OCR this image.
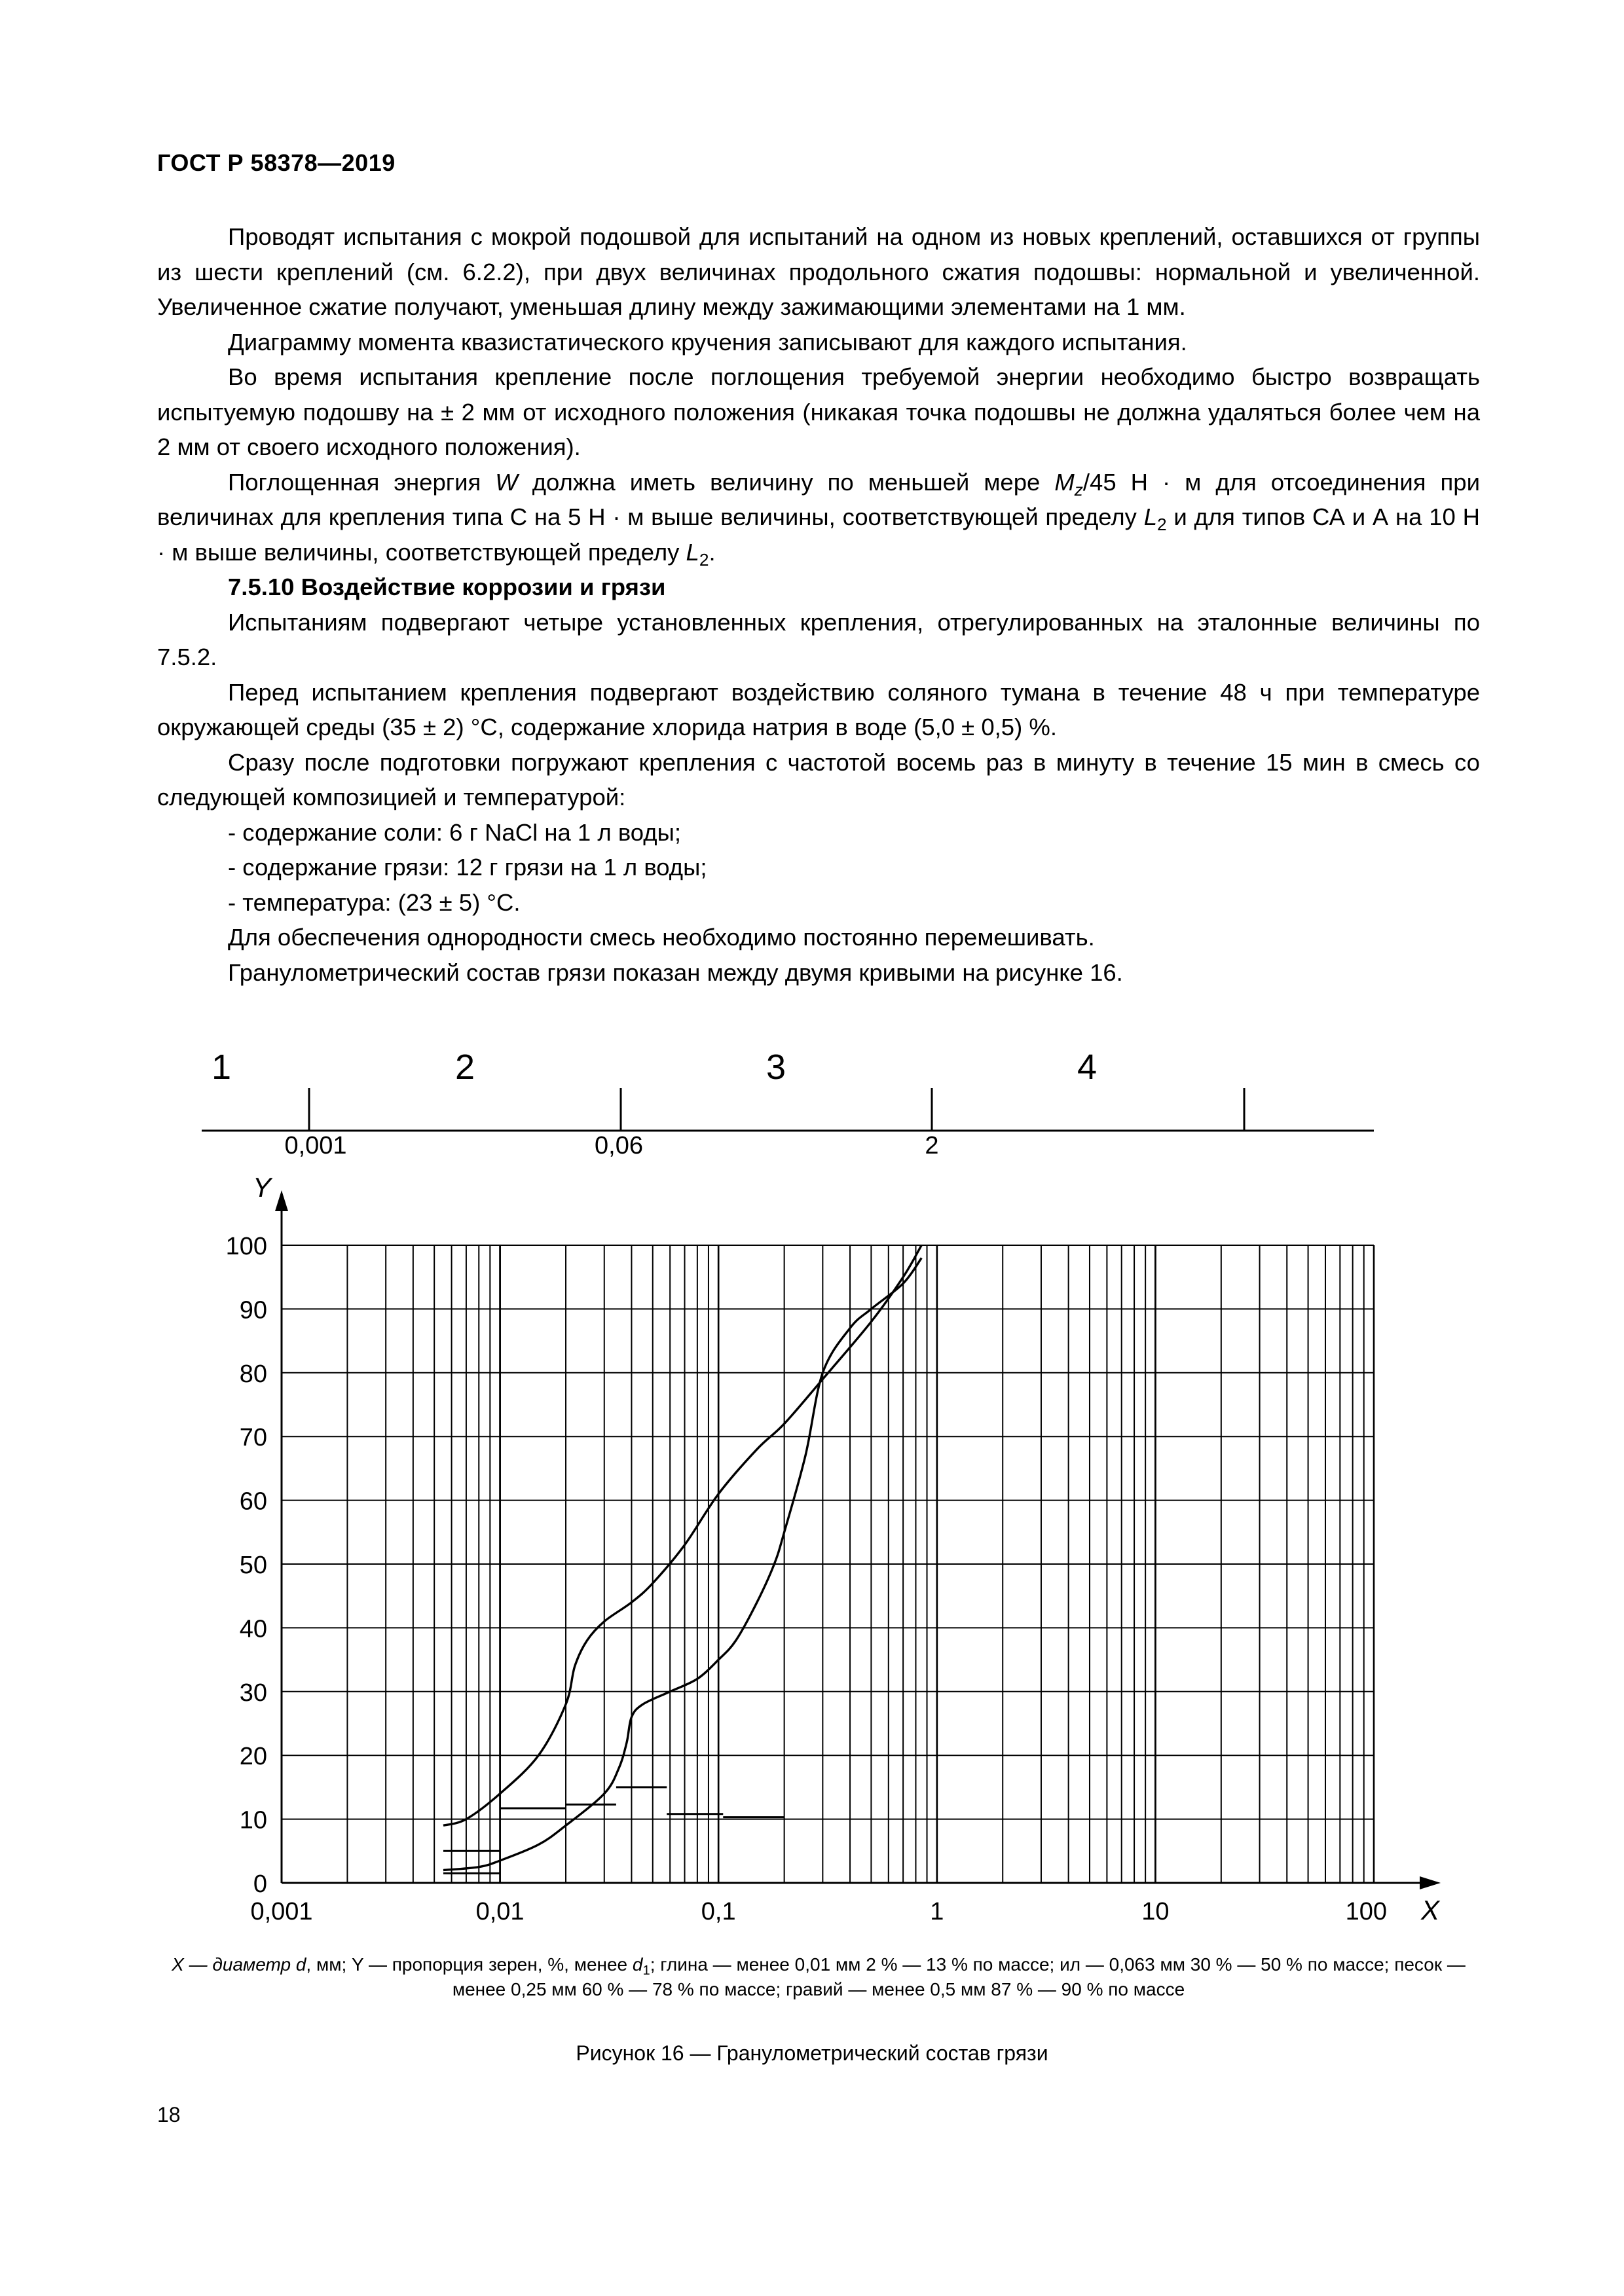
ГОСТ Р 58378—2019

Проводят испытания с мокрой подошвой для испытаний на одном из новых креплений, оставшихся от группы из шести креплений (см. 6.2.2), при двух величинах продольного сжатия подошвы: нормальной и увеличенной. Увеличенное сжатие получают, уменьшая длину между зажимающими элементами на 1 мм.

Диаграмму момента квазистатического кручения записывают для каждого испытания.

Во время испытания крепление после поглощения требуемой энергии необходимо быстро возвращать испытуемую подошву на ± 2 мм от исходного положения (никакая точка подошвы не должна удаляться более чем на 2 мм от своего исходного положения).

Поглощенная энергия W должна иметь величину по меньшей мере $M_z/45$ Н · м для отсоединения при величинах для крепления типа С на 5 Н · м выше величины, соответствующей пределу $L_2$ и для типов СА и А на 10 Н · м выше величины, соответствующей пределу $L_2$.

7.5.10 Воздействие коррозии и грязи

Испытаниям подвергают четыре установленных крепления, отрегулированных на эталонные величины по 7.5.2.

Перед испытанием крепления подвергают воздействию соляного тумана в течение 48 ч при температуре окружающей среды (35 ± 2) °С, содержание хлорида натрия в воде (5,0 ± 0,5) %.

Сразу после подготовки погружают крепления с частотой восемь раз в минуту в течение 15 мин в смесь со следующей композицией и температурой:

- содержание соли: 6 г NaCl на 1 л воды;

- содержание грязи: 12 г грязи на 1 л воды;

- температура: (23 ± 5) °С.

Для обеспечения однородности смесь необходимо постоянно перемешивать.

Гранулометрический состав грязи показан между двумя кривыми на рисунке 16.

1	2	3	4
0,001	0,06	2
X
Y
0
10
20
30
40
50
60
70
80
90
100
0,001	0,01	0,1	1	10	100
X — диаметр d, мм; Y — пропорция зерен, %, менее $d_1$; глина — менее 0,01 мм 2 % — 13 % по массе; ил — 0,063 мм 30 % — 50 % по массе; песок — менее 0,25 мм 60 % — 78 % по массе; гравий — менее 0,5 мм 87 % — 90 % по массе
Рисунок 16 — Гранулометрический состав грязи
18
